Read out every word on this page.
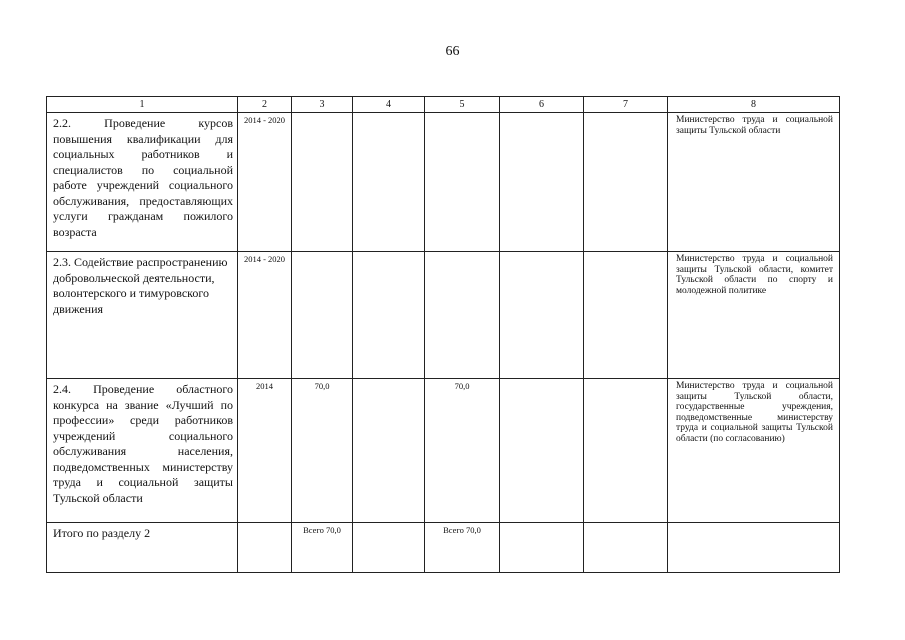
66
1	2	3	4	5	6	7	8
2.2. Проведение курсов повышения квалификации для социальных работников и специалистов по социальной работе учреждений социального обслуживания, предоставляющих услуги гражданам пожилого возраста	2014 - 2020						Министерство труда и социальной защиты Тульской области
2.3. Содействие распространению добровольческой деятельности, волонтерского и тимуровского движения	2014 - 2020						Министерство труда и социальной защиты Тульской области, комитет Тульской области по спорту и молодежной политике
2.4. Проведение областного конкурса на звание «Лучший по профессии» среди работников учреждений социального обслуживания населения, подведомственных министерству труда и социальной защиты Тульской области	2014	70,0		70,0			Министерство труда и социальной защиты Тульской области, государственные учреждения, подведомственные министерству труда и социальной защиты Тульской области (по согласованию)
Итого по разделу 2		Всего 70,0		Всего 70,0			
